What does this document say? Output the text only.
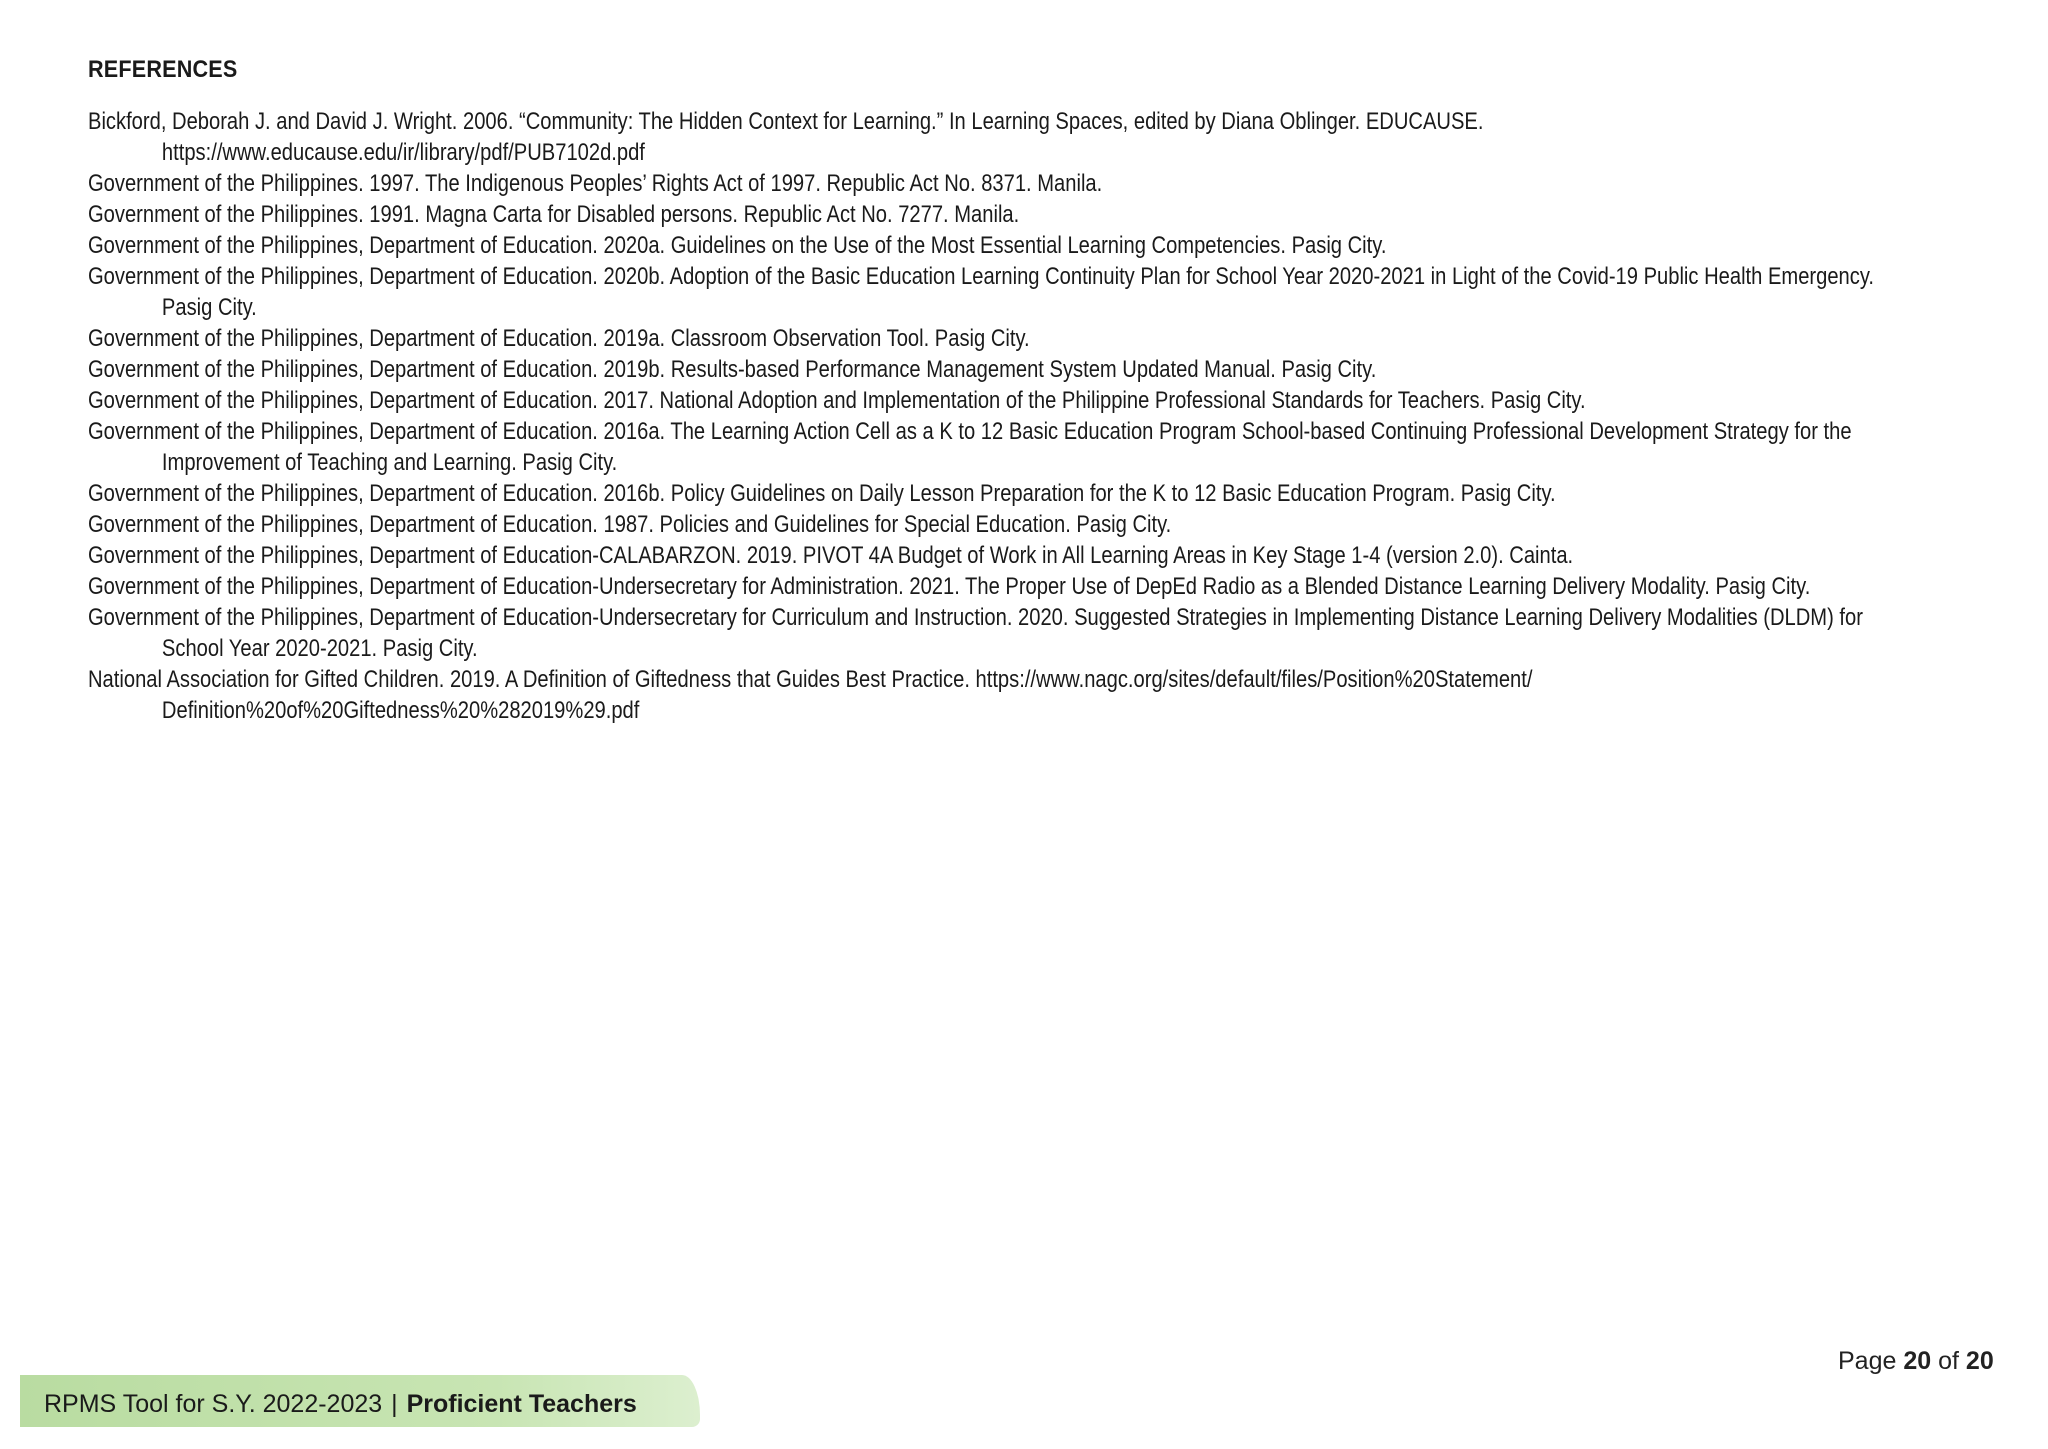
REFERENCES
Bickford, Deborah J. and David J. Wright. 2006. “Community: The Hidden Context for Learning.” In Learning Spaces, edited by Diana Oblinger. EDUCAUSE. https://www.educause.edu/ir/library/pdf/PUB7102d.pdf
Government of the Philippines. 1997. The Indigenous Peoples’ Rights Act of 1997. Republic Act No. 8371. Manila.
Government of the Philippines. 1991. Magna Carta for Disabled persons. Republic Act No. 7277. Manila.
Government of the Philippines, Department of Education. 2020a. Guidelines on the Use of the Most Essential Learning Competencies. Pasig City.
Government of the Philippines, Department of Education. 2020b. Adoption of the Basic Education Learning Continuity Plan for School Year 2020-2021 in Light of the Covid-19 Public Health Emergency. Pasig City.
Government of the Philippines, Department of Education. 2019a. Classroom Observation Tool. Pasig City.
Government of the Philippines, Department of Education. 2019b. Results-based Performance Management System Updated Manual. Pasig City.
Government of the Philippines, Department of Education. 2017. National Adoption and Implementation of the Philippine Professional Standards for Teachers. Pasig City.
Government of the Philippines, Department of Education. 2016a. The Learning Action Cell as a K to 12 Basic Education Program School-based Continuing Professional Development Strategy for the Improvement of Teaching and Learning. Pasig City.
Government of the Philippines, Department of Education. 2016b. Policy Guidelines on Daily Lesson Preparation for the K to 12 Basic Education Program. Pasig City.
Government of the Philippines, Department of Education. 1987. Policies and Guidelines for Special Education. Pasig City.
Government of the Philippines, Department of Education-CALABARZON. 2019. PIVOT 4A Budget of Work in All Learning Areas in Key Stage 1-4 (version 2.0). Cainta.
Government of the Philippines, Department of Education-Undersecretary for Administration. 2021. The Proper Use of DepEd Radio as a Blended Distance Learning Delivery Modality. Pasig City.
Government of the Philippines, Department of Education-Undersecretary for Curriculum and Instruction. 2020. Suggested Strategies in Implementing Distance Learning Delivery Modalities (DLDM) for School Year 2020-2021. Pasig City.
National Association for Gifted Children. 2019. A Definition of Giftedness that Guides Best Practice. https://www.nagc.org/sites/default/files/Position%20Statement/ Definition%20of%20Giftedness%20%282019%29.pdf
Page 20 of 20
RPMS Tool for S.Y. 2022-2023 | Proficient Teachers
